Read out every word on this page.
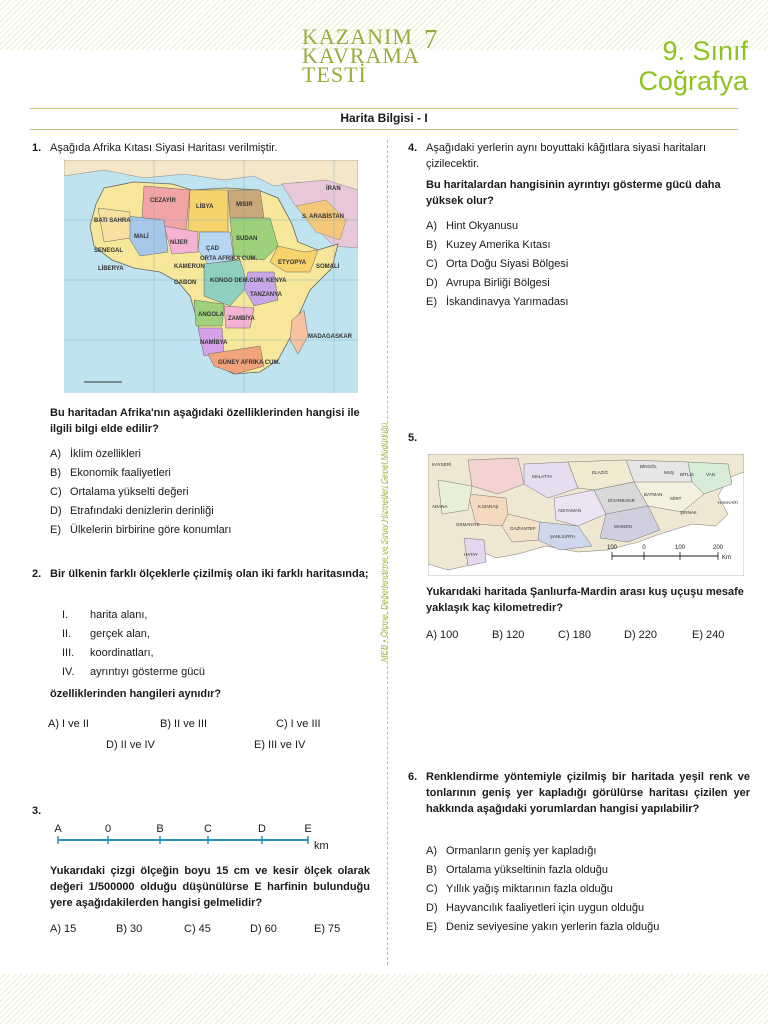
KAZANIM
KAVRAMA
TESTİ
7	9. Sınıf
Coğrafya
Harita Bilgisi - I
MEB • Ölçme, Değerlendirme ve Sınav Hizmetleri Genel Müdürlüğü
1. Aşağıda Afrika Kıtası Siyasi Haritası verilmiştir.

CEZAYİR
LİBYA	MISIR
SUDAN
ÇAD
MALİ
NİJER
BATI SAHRA
SENEGAL
LİBERYA
ETYOPYA
SOMALİ
KENYA
TANZANYA
KONGO DEM.CUM.
ANGOLA
ZAMBİYA
NAMİBYA
GÜNEY AFRİKA CUM.
MADAGASKAR
GABON
KAMERUN
ORTA AFRİKA CUM.
S. ARABİSTAN
İRAN
Bu haritadan Afrika'nın aşağıdaki özelliklerinden hangisi ile ilgili bilgi elde edilir?
A) İklim özellikleri
B) Ekonomik faaliyetleri
C) Ortalama yükselti değeri
D) Etrafındaki denizlerin derinliği
E) Ülkelerin birbirine göre konumları
2. Bir ülkenin farklı ölçeklerle çizilmiş olan iki farklı haritasında;

I.	harita alanı,
II.	gerçek alan,
III.	koordinatları,
IV.	ayrıntıyı gösterme gücü
özelliklerinden hangileri aynıdır?
A) I ve II	B) II ve III	C) I ve III
D) II ve IV	E) III ve IV
3.
A	0	B	C	D	E
km
Yukarıdaki çizgi ölçeğin boyu 15 cm ve kesir ölçek olarak değeri 1/500000 olduğu düşünülürse E harfinin bulunduğu yere aşağıdakilerden hangisi gelmelidir?
A) 15	B) 30	C) 45	D) 60	E) 75
4. Aşağıdaki yerlerin aynı boyuttaki kâğıtlara siyasi haritaları çizilecektir.

Bu haritalardan hangisinin ayrıntıyı gösterme gücü daha yüksek olur?
A) Hint Okyanusu
B) Kuzey Amerika Kıtası
C) Orta Doğu Siyasi Bölgesi
D) Avrupa Birliği Bölgesi
E) İskandinavya Yarımadası
5.
KAYSERİ
MALATYA
ADIYAMAN
ŞANLIURFA
GAZİANTEP
DİYARBAKIR
MARDİN
BATMAN
SİİRT
BİTLİS	VAN
ELAZIĞ
BİNGÖL
MUŞ
HAKKARİ
ADANA	K.MARAŞ
OSMANİYE
HATAY
ŞIRNAK
100	0	100	200
Km
Yukarıdaki haritada Şanlıurfa-Mardin arası kuş uçuşu mesafe yaklaşık kaç kilometredir?
A) 100	B) 120	C) 180	D) 220	E) 240
6. Renklendirme yöntemiyle çizilmiş bir haritada yeşil renk ve tonlarının geniş yer kapladığı görülürse haritası çizilen yer hakkında aşağıdaki yorumlardan hangisi yapılabilir?

A) Ormanların geniş yer kapladığı
B) Ortalama yükseltinin fazla olduğu
C) Yıllık yağış miktarının fazla olduğu
D) Hayvancılık faaliyetleri için uygun olduğu
E) Deniz seviyesine yakın yerlerin fazla olduğu
